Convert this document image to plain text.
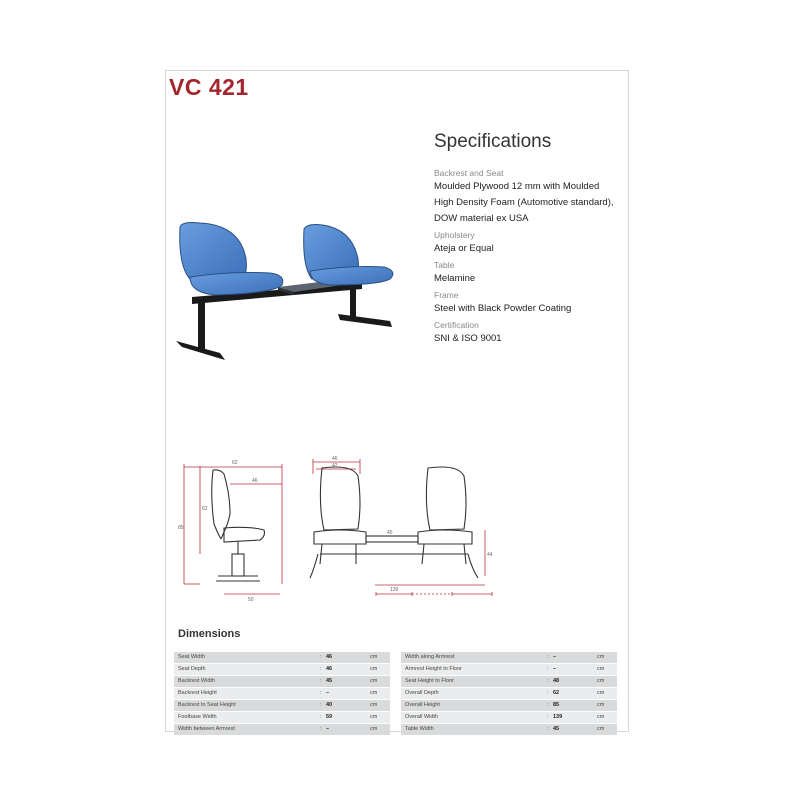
VC 421
Specifications
Backrest and Seat
Moulded Plywood 12 mm with Moulded
High Density Foam (Automotive standard),
DOW material ex USA
Upholstery
Ateja or Equal
Table
Melamine
Frame
Steel with Black Powder Coating
Certification
SNI & ISO 9001
62
46
85
62
50
46
42
45
44
139
Dimensions
Seat Width	: 46	cm
Seat Depth	: 46	cm
Backrest Width	: 45	cm
Backrest Height	: –	cm
Backrest to Seat Height	: 40	cm
Footbase Width	: 59	cm
Width between Armrest	: –	cm
Width along Armrest	: –	cm
Armrest Height to Floor	: –	cm
Seat Height to Floor	: 48	cm
Overall Depth	: 62	cm
Overall Height	: 85	cm
Overall Width	: 139	cm
Table Width	: 45	cm
